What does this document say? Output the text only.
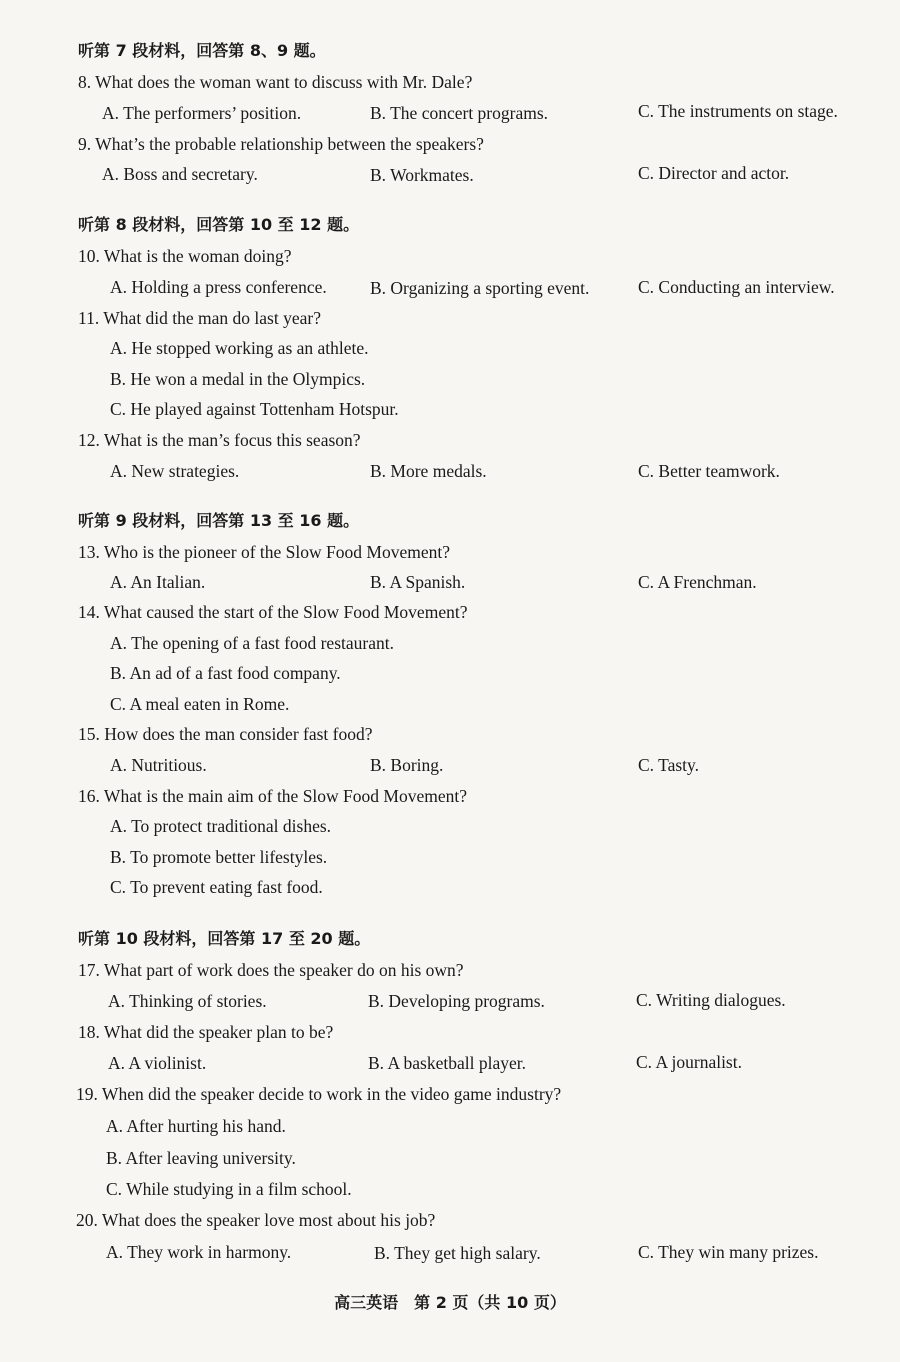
听第 7 段材料，回答第 8、9 题。
8. What does the woman want to discuss with Mr. Dale?
A. The performers’ position.	B. The concert programs.	C. The instruments on stage.
9. What’s the probable relationship between the speakers?
A. Boss and secretary.	B. Workmates.	C. Director and actor.
听第 8 段材料，回答第 10 至 12 题。
10. What is the woman doing?
A. Holding a press conference. B. Organizing a sporting event.	C. Conducting an interview.
11. What did the man do last year?
A. He stopped working as an athlete.
B. He won a medal in the Olympics.
C. He played against Tottenham Hotspur.
12. What is the man’s focus this season?
A. New strategies.	B. More medals.	C. Better teamwork.
听第 9 段材料，回答第 13 至 16 题。
13. Who is the pioneer of the Slow Food Movement?
A. An Italian.	B. A Spanish.	C. A Frenchman.
14. What caused the start of the Slow Food Movement?
A. The opening of a fast food restaurant.
B. An ad of a fast food company.
C. A meal eaten in Rome.
15. How does the man consider fast food?
A. Nutritious.	B. Boring.	C. Tasty.
16. What is the main aim of the Slow Food Movement?
A. To protect traditional dishes.
B. To promote better lifestyles.
C. To prevent eating fast food.
听第 10 段材料，回答第 17 至 20 题。
17. What part of work does the speaker do on his own?
A. Thinking of stories.	B. Developing programs.	C. Writing dialogues.
18. What did the speaker plan to be?
A. A violinist.	B. A basketball player.	C. A journalist.
19. When did the speaker decide to work in the video game industry?
A. After hurting his hand.
B. After leaving university.
C. While studying in a film school.
20. What does the speaker love most about his job?
A. They work in harmony.	B. They get high salary.	C. They win many prizes.
高三英语　第 2 页（共 10 页）
